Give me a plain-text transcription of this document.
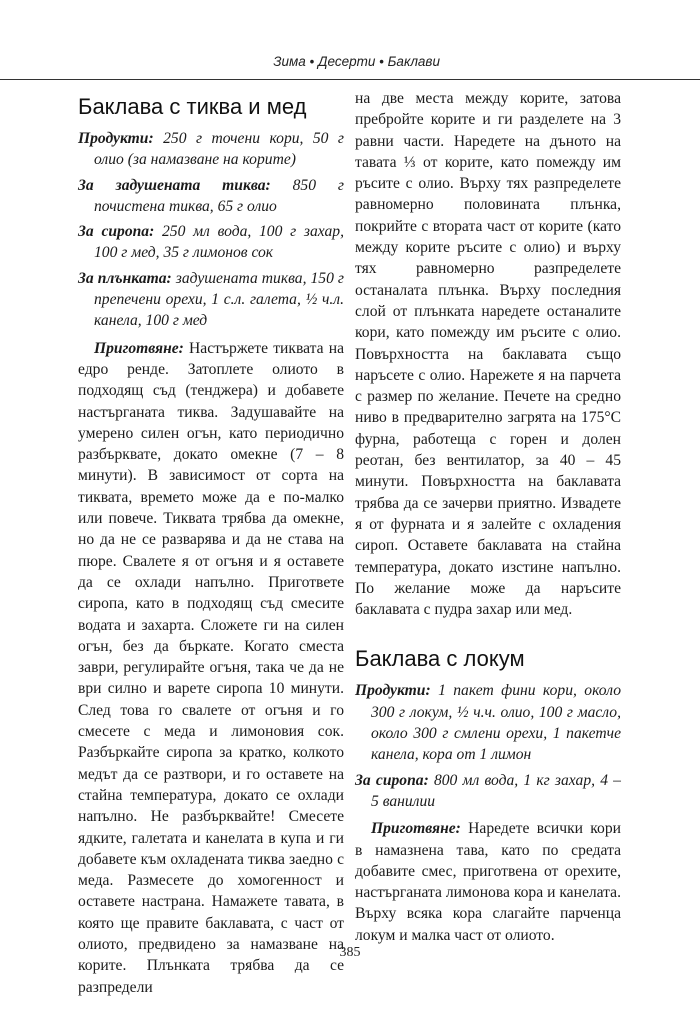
Зима • Десерти • Баклави
Баклава с тиква и мед

Продукти: 250 г точени кори, 50 г олио (за намазване на корите)

За задушената тиква: 850 г почистена тиква, 65 г олио

За сиропа: 250 мл вода, 100 г захар, 100 г мед, 35 г лимонов сок

За плънката: задушената тиква, 150 г препечени орехи, 1 с.л. галета, ½ ч.л. канела, 100 г мед

Приготвяне: Настържете тиквата на едро ренде. Затоплете олиото в подходящ съд (тенджера) и добавете настърганата тиква. Задушавайте на умерено силен огън, като периодично разбърквате, докато омекне (7 – 8 минути). В зависимост от сорта на тиквата, времето може да е по-малко или повече. Тиквата трябва да омекне, но да не се разварява и да не става на пюре. Свалете я от огъня и я оставете да се охлади напълно. Пригответе сиропа, като в подходящ съд смесите водата и захарта. Сложете ги на силен огън, без да бъркате. Когато сместа заври, регулирайте огъня, така че да не ври силно и варете сиропа 10 минути. След това го свалете от огъня и го смесете с меда и лимоновия сок. Разбъркайте сиропа за кратко, колкото медът да се разтвори, и го оставете на стайна температура, докато се охлади напълно. Не разбърквайте! Смесете ядките, галетата и канелата в купа и ги добавете към охладената тиква заедно с меда. Размесете до хомогенност и оставете настрана. Намажете тавата, в която ще правите баклавата, с част от олиото, предвидено за намазване на корите. Плънката трябва да се разпредели

на две места между корите, затова пребройте корите и ги разделете на 3 равни части. Наредете на дъното на тавата ⅓ от корите, като помежду им ръсите с олио. Върху тях разпределете равномерно половината плънка, покрийте с втората част от корите (като между корите ръсите с олио) и върху тях равномерно разпределете останалата плънка. Върху последния слой от плънката наредете останалите кори, като помежду им ръсите с олио. Повърхността на баклавата също наръсете с олио. Нарежете я на парчета с размер по желание. Печете на средно ниво в предварително загрята на 175°C фурна, работеща с горен и долен реотан, без вентилатор, за 40 – 45 минути. Повърхността на баклавата трябва да се зачерви приятно. Извадете я от фурната и я залейте с охладения сироп. Оставете баклавата на стайна температура, докато изстине напълно. По желание може да наръсите баклавата с пудра захар или мед.

Баклава с локум

Продукти: 1 пакет фини кори, около 300 г локум, ½ ч.ч. олио, 100 г масло, около 300 г смлени орехи, 1 пакетче канела, кора от 1 лимон

За сиропа: 800 мл вода, 1 кг захар, 4 – 5 ванилии

Приготвяне: Наредете всички кори в намазнена тава, като по средата добавите смес, приготвена от орехите, настърганата лимонова кора и канелата. Върху всяка кора слагайте парченца локум и малка част от олиото.

385
